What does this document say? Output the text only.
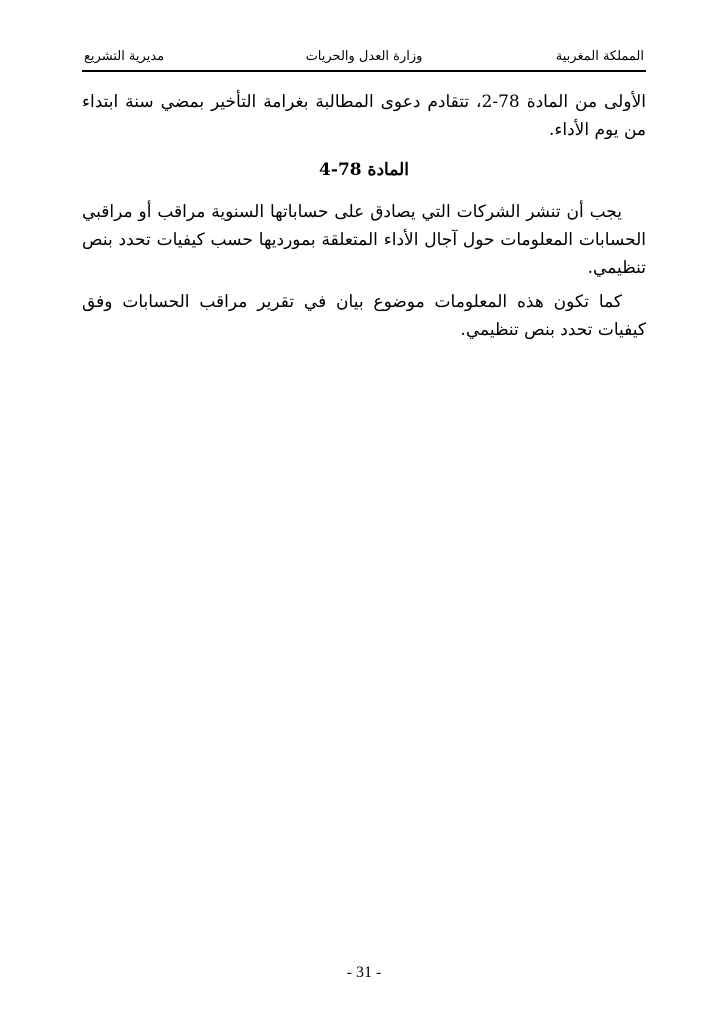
المملكة المغربية
وزارة العدل والحريات
مديرية التشريع

الأولى من المادة 78-2، تتقادم دعوى المطالبة بغرامة التأخير بمضي سنة ابتداء من يوم الأداء.

المادة 78-4

يجب أن تنشر الشركات التي يصادق على حساباتها السنوية مراقب أو مراقبي الحسابات المعلومات حول آجال الأداء المتعلقة بمورديها حسب كيفيات تحدد بنص تنظيمي.

كما تكون هذه المعلومات موضوع بيان في تقرير مراقب الحسابات وفق كيفيات تحدد بنص تنظيمي.

- 31 -
